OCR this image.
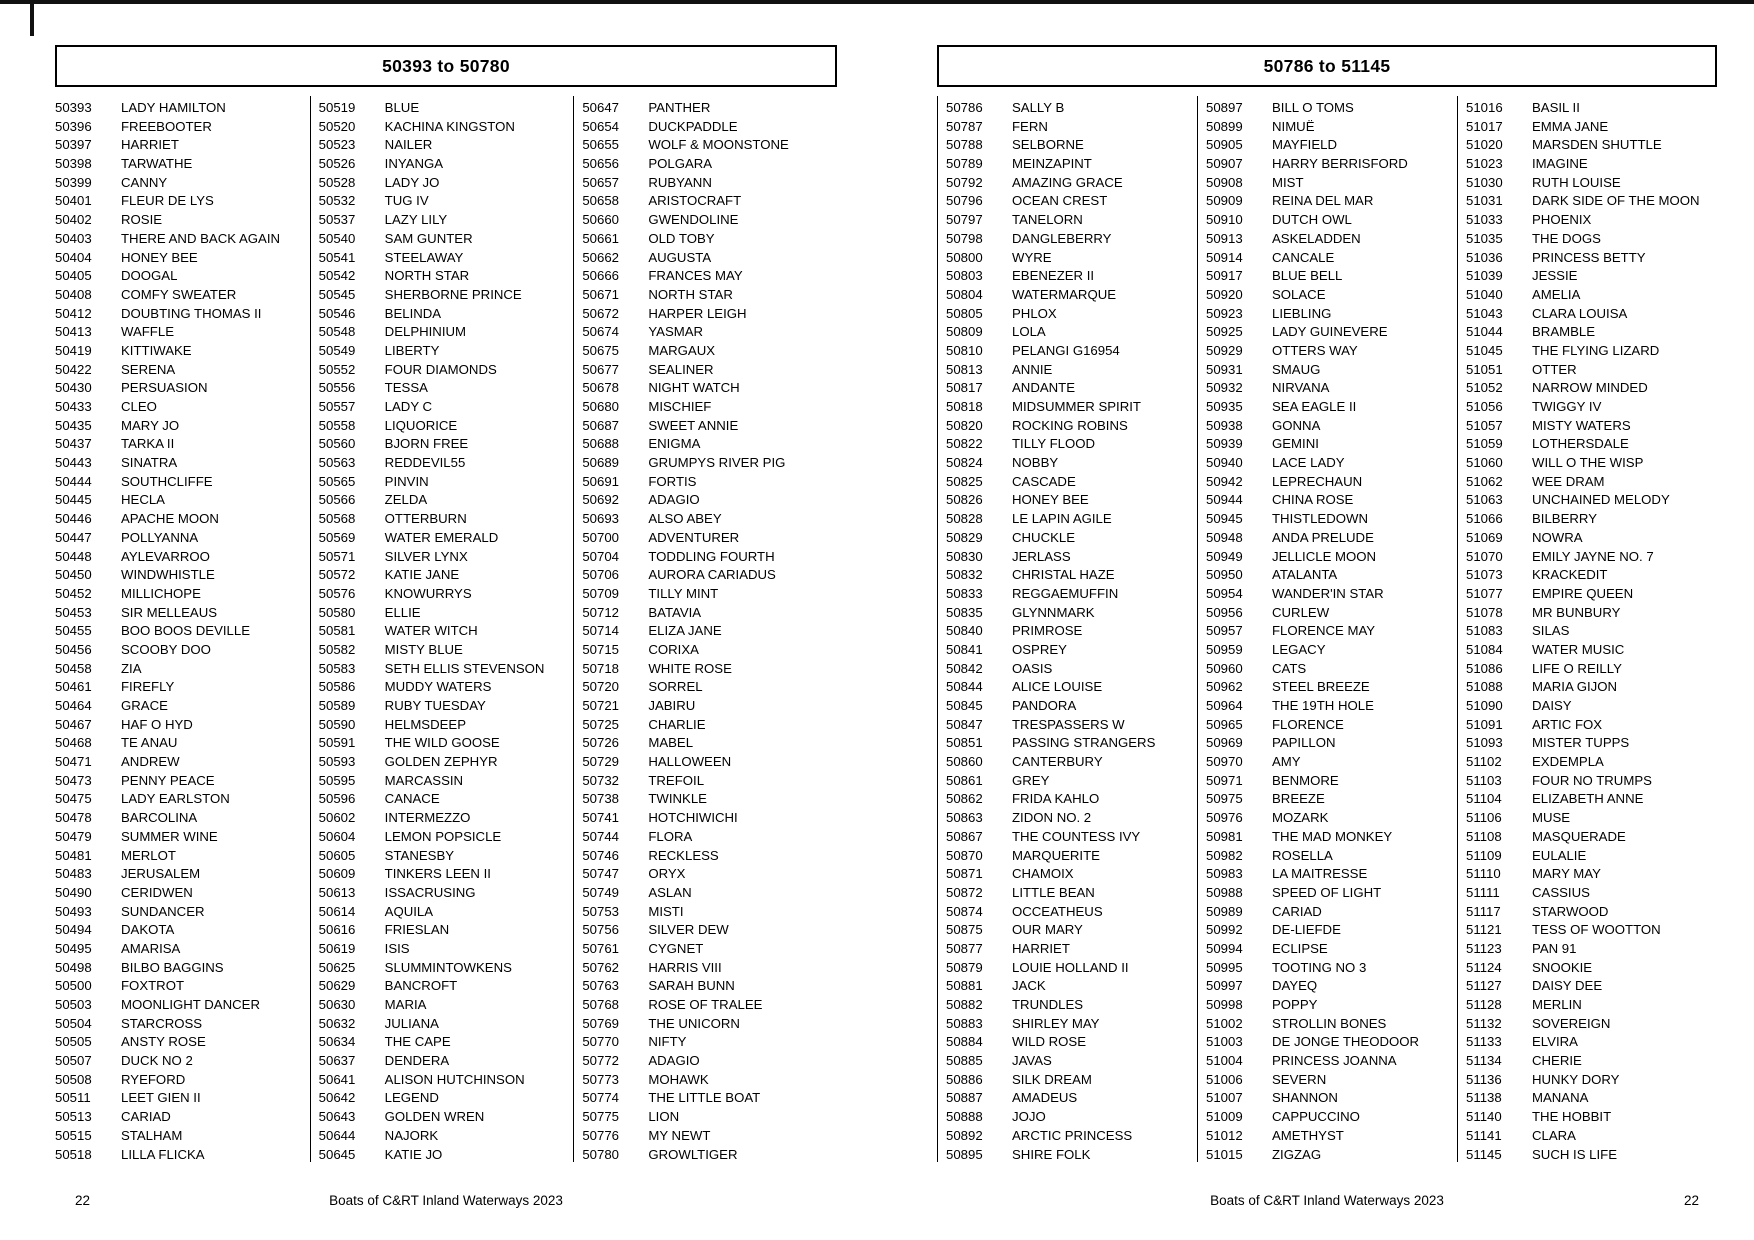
50393 to 50780
50393	LADY HAMILTON
50396	FREEBOOTER
50397	HARRIET
50398	TARWATHE
50399	CANNY
50401	FLEUR DE LYS
50402	ROSIE
50403	THERE AND BACK AGAIN
50404	HONEY BEE
50405	DOOGAL
50408	COMFY SWEATER
50412	DOUBTING THOMAS II
50413	WAFFLE
50419	KITTIWAKE
50422	SERENA
50430	PERSUASION
50433	CLEO
50435	MARY JO
50437	TARKA II
50443	SINATRA
50444	SOUTHCLIFFE
50445	HECLA
50446	APACHE MOON
50447	POLLYANNA
50448	AYLEVARROO
50450	WINDWHISTLE
50452	MILLICHOPE
50453	SIR MELLEAUS
50455	BOO BOOS DEVILLE
50456	SCOOBY DOO
50458	ZIA
50461	FIREFLY
50464	GRACE
50467	HAF O HYD
50468	TE ANAU
50471	ANDREW
50473	PENNY PEACE
50475	LADY EARLSTON
50478	BARCOLINA
50479	SUMMER WINE
50481	MERLOT
50483	JERUSALEM
50490	CERIDWEN
50493	SUNDANCER
50494	DAKOTA
50495	AMARISA
50498	BILBO BAGGINS
50500	FOXTROT
50503	MOONLIGHT DANCER
50504	STARCROSS
50505	ANSTY ROSE
50507	DUCK NO 2
50508	RYEFORD
50511	LEET GIEN II
50513	CARIAD
50515	STALHAM
50518	LILLA FLICKA
50519	BLUE
50520	KACHINA KINGSTON
50523	NAILER
50526	INYANGA
50528	LADY JO
50532	TUG IV
50537	LAZY LILY
50540	SAM GUNTER
50541	STEELAWAY
50542	NORTH STAR
50545	SHERBORNE PRINCE
50546	BELINDA
50548	DELPHINIUM
50549	LIBERTY
50552	FOUR DIAMONDS
50556	TESSA
50557	LADY C
50558	LIQUORICE
50560	BJORN FREE
50563	REDDEVIL55
50565	PINVIN
50566	ZELDA
50568	OTTERBURN
50569	WATER EMERALD
50571	SILVER LYNX
50572	KATIE JANE
50576	KNOWURRYS
50580	ELLIE
50581	WATER WITCH
50582	MISTY BLUE
50583	SETH ELLIS STEVENSON
50586	MUDDY WATERS
50589	RUBY TUESDAY
50590	HELMSDEEP
50591	THE WILD GOOSE
50593	GOLDEN ZEPHYR
50595	MARCASSIN
50596	CANACE
50602	INTERMEZZO
50604	LEMON POPSICLE
50605	STANESBY
50609	TINKERS LEEN II
50613	ISSACRUSING
50614	AQUILA
50616	FRIESLAN
50619	ISIS
50625	SLUMMINTOWKENS
50629	BANCROFT
50630	MARIA
50632	JULIANA
50634	THE CAPE
50637	DENDERA
50641	ALISON HUTCHINSON
50642	LEGEND
50643	GOLDEN WREN
50644	NAJORK
50645	KATIE JO
50647	PANTHER
50654	DUCKPADDLE
50655	WOLF & MOONSTONE
50656	POLGARA
50657	RUBYANN
50658	ARISTOCRAFT
50660	GWENDOLINE
50661	OLD TOBY
50662	AUGUSTA
50666	FRANCES MAY
50671	NORTH STAR
50672	HARPER LEIGH
50674	YASMAR
50675	MARGAUX
50677	SEALINER
50678	NIGHT WATCH
50680	MISCHIEF
50687	SWEET ANNIE
50688	ENIGMA
50689	GRUMPYS RIVER PIG
50691	FORTIS
50692	ADAGIO
50693	ALSO ABEY
50700	ADVENTURER
50704	TODDLING FOURTH
50706	AURORA CARIADUS
50709	TILLY MINT
50712	BATAVIA
50714	ELIZA JANE
50715	CORIXA
50718	WHITE ROSE
50720	SORREL
50721	JABIRU
50725	CHARLIE
50726	MABEL
50729	HALLOWEEN
50732	TREFOIL
50738	TWINKLE
50741	HOTCHIWICHI
50744	FLORA
50746	RECKLESS
50747	ORYX
50749	ASLAN
50753	MISTI
50756	SILVER DEW
50761	CYGNET
50762	HARRIS VIII
50763	SARAH BUNN
50768	ROSE OF TRALEE
50769	THE UNICORN
50770	NIFTY
50772	ADAGIO
50773	MOHAWK
50774	THE LITTLE BOAT
50775	LION
50776	MY NEWT
50780	GROWLTIGER
22	Boats of C&RT Inland Waterways 2023
50786 to 51145
50786	SALLY B
50787	FERN
50788	SELBORNE
50789	MEINZAPINT
50792	AMAZING GRACE
50796	OCEAN CREST
50797	TANELORN
50798	DANGLEBERRY
50800	WYRE
50803	EBENEZER II
50804	WATERMARQUE
50805	PHLOX
50809	LOLA
50810	PELANGI G16954
50813	ANNIE
50817	ANDANTE
50818	MIDSUMMER SPIRIT
50820	ROCKING ROBINS
50822	TILLY FLOOD
50824	NOBBY
50825	CASCADE
50826	HONEY BEE
50828	LE LAPIN AGILE
50829	CHUCKLE
50830	JERLASS
50832	CHRISTAL HAZE
50833	REGGAEMUFFIN
50835	GLYNNMARK
50840	PRIMROSE
50841	OSPREY
50842	OASIS
50844	ALICE LOUISE
50845	PANDORA
50847	TRESPASSERS W
50851	PASSING STRANGERS
50860	CANTERBURY
50861	GREY
50862	FRIDA KAHLO
50863	ZIDON NO. 2
50867	THE COUNTESS IVY
50870	MARQUERITE
50871	CHAMOIX
50872	LITTLE BEAN
50874	OCCEATHEUS
50875	OUR MARY
50877	HARRIET
50879	LOUIE HOLLAND II
50881	JACK
50882	TRUNDLES
50883	SHIRLEY MAY
50884	WILD ROSE
50885	JAVAS
50886	SILK DREAM
50887	AMADEUS
50888	JOJO
50892	ARCTIC PRINCESS
50895	SHIRE FOLK
50897	BILL O TOMS
50899	NIMUË
50905	MAYFIELD
50907	HARRY BERRISFORD
50908	MIST
50909	REINA DEL MAR
50910	DUTCH OWL
50913	ASKELADDEN
50914	CANCALE
50917	BLUE BELL
50920	SOLACE
50923	LIEBLING
50925	LADY GUINEVERE
50929	OTTERS WAY
50931	SMAUG
50932	NIRVANA
50935	SEA EAGLE II
50938	GONNA
50939	GEMINI
50940	LACE LADY
50942	LEPRECHAUN
50944	CHINA ROSE
50945	THISTLEDOWN
50948	ANDA PRELUDE
50949	JELLICLE MOON
50950	ATALANTA
50954	WANDER'IN STAR
50956	CURLEW
50957	FLORENCE MAY
50959	LEGACY
50960	CATS
50962	STEEL BREEZE
50964	THE 19TH HOLE
50965	FLORENCE
50969	PAPILLON
50970	AMY
50971	BENMORE
50975	BREEZE
50976	MOZARK
50981	THE MAD MONKEY
50982	ROSELLA
50983	LA MAITRESSE
50988	SPEED OF LIGHT
50989	CARIAD
50992	DE-LIEFDE
50994	ECLIPSE
50995	TOOTING NO 3
50997	DAYEQ
50998	POPPY
51002	STROLLIN BONES
51003	DE JONGE THEODOOR
51004	PRINCESS JOANNA
51006	SEVERN
51007	SHANNON
51009	CAPPUCCINO
51012	AMETHYST
51015	ZIGZAG
51016	BASIL II
51017	EMMA JANE
51020	MARSDEN SHUTTLE
51023	IMAGINE
51030	RUTH LOUISE
51031	DARK SIDE OF THE MOON
51033	PHOENIX
51035	THE DOGS
51036	PRINCESS BETTY
51039	JESSIE
51040	AMELIA
51043	CLARA LOUISA
51044	BRAMBLE
51045	THE FLYING LIZARD
51051	OTTER
51052	NARROW MINDED
51056	TWIGGY IV
51057	MISTY WATERS
51059	LOTHERSDALE
51060	WILL O THE WISP
51062	WEE DRAM
51063	UNCHAINED MELODY
51066	BILBERRY
51069	NOWRA
51070	EMILY JAYNE NO. 7
51073	KRACKEDIT
51077	EMPIRE QUEEN
51078	MR BUNBURY
51083	SILAS
51084	WATER MUSIC
51086	LIFE O REILLY
51088	MARIA GIJON
51090	DAISY
51091	ARTIC FOX
51093	MISTER TUPPS
51102	EXDEMPLA
51103	FOUR NO TRUMPS
51104	ELIZABETH ANNE
51106	MUSE
51108	MASQUERADE
51109	EULALIE
51110	MARY MAY
51111	CASSIUS
51117	STARWOOD
51121	TESS OF WOOTTON
51123	PAN 91
51124	SNOOKIE
51127	DAISY DEE
51128	MERLIN
51132	SOVEREIGN
51133	ELVIRA
51134	CHERIE
51136	HUNKY DORY
51138	MANANA
51140	THE HOBBIT
51141	CLARA
51145	SUCH IS LIFE
Boats of C&RT Inland Waterways 2023	22
